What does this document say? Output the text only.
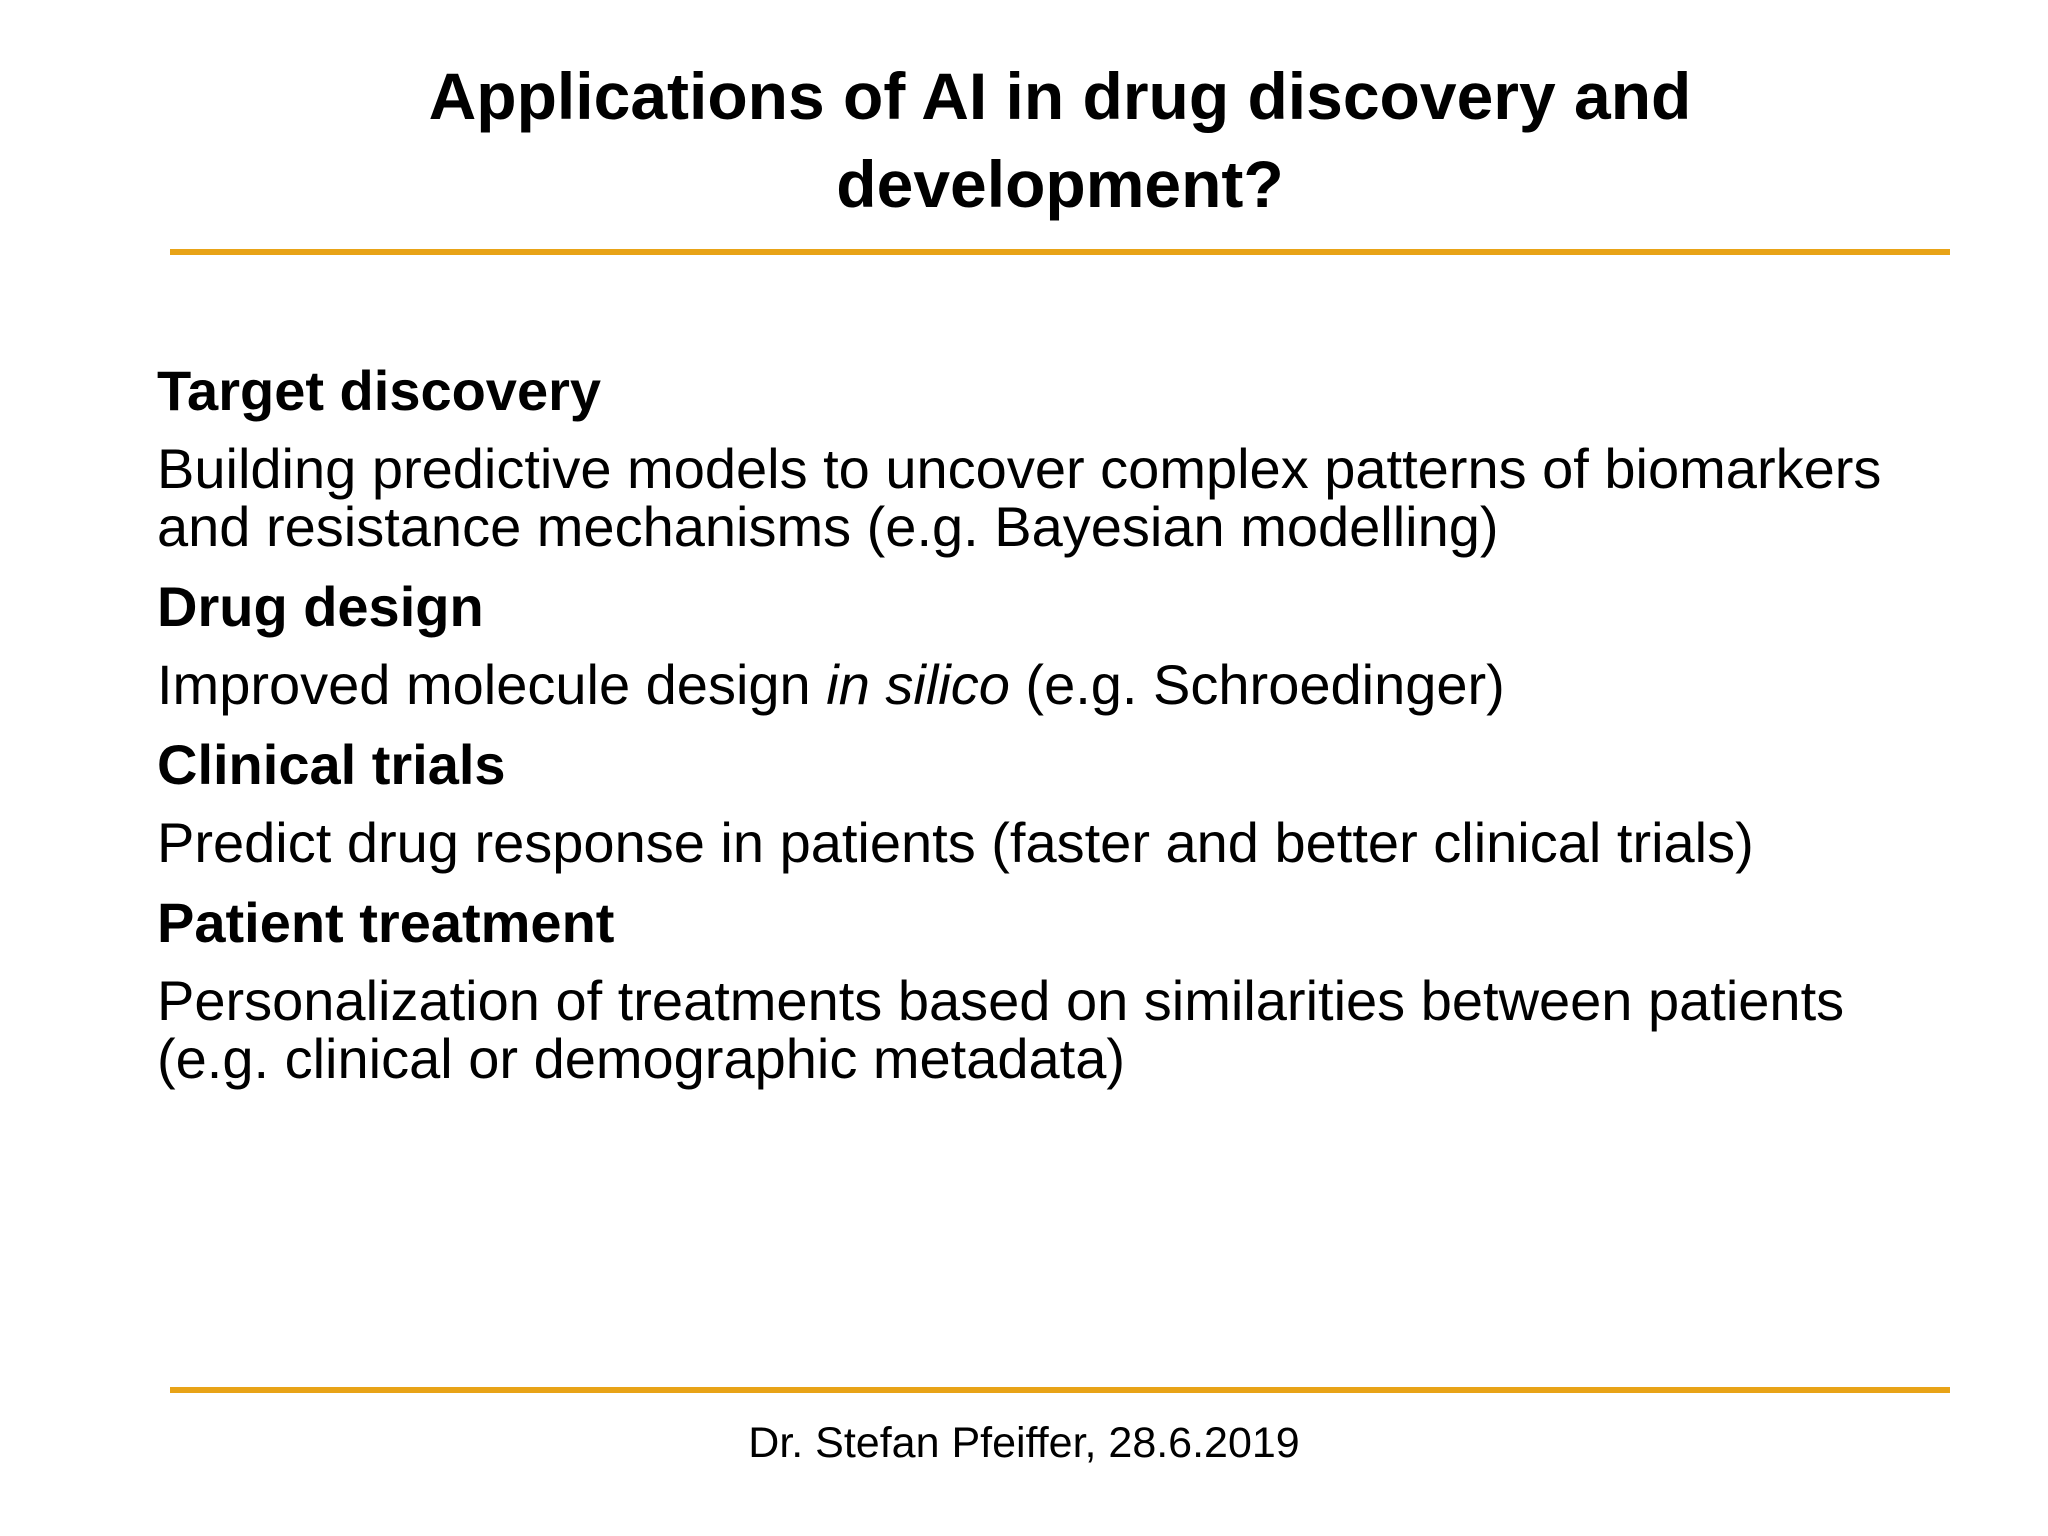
Applications of AI in drug discovery and
development?

Target discovery

Building predictive models to uncover complex patterns of biomarkers and resistance mechanisms (e.g. Bayesian modelling)

Drug design

Improved molecule design in silico (e.g. Schroedinger)

Clinical trials

Predict drug response in patients (faster and better clinical trials)

Patient treatment

Personalization of treatments based on similarities between patients (e.g. clinical or demographic metadata)

Dr. Stefan Pfeiffer, 28.6.2019
